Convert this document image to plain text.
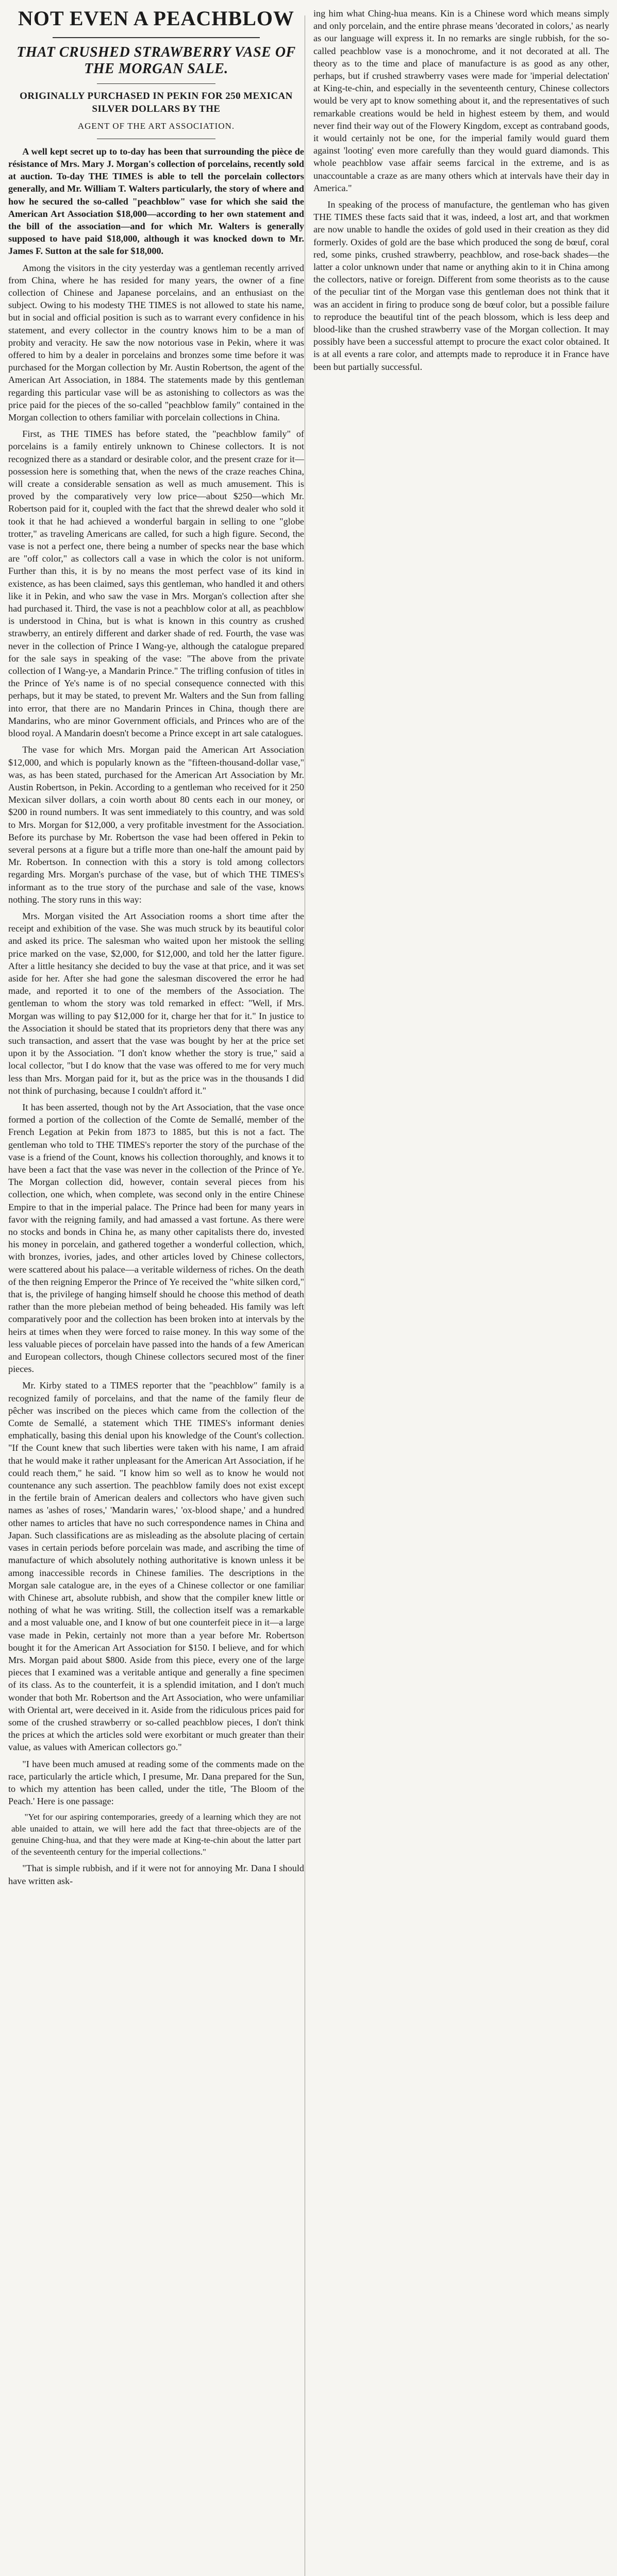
NOT EVEN A PEACHBLOW
THAT CRUSHED STRAWBERRY VASE OF THE MORGAN SALE.
ORIGINALLY PURCHASED IN PEKIN FOR 250 MEXICAN SILVER DOLLARS BY THE
AGENT OF THE ART ASSOCIATION.

A well kept secret up to to-day has been that surrounding the pièce de résistance of Mrs. Mary J. Morgan's collection of porcelains, recently sold at auction. To-day THE TIMES is able to tell the porcelain collectors generally, and Mr. William T. Walters particularly, the story of where and how he secured the so-called "peachblow" vase for which she said the American Art Association $18,000—according to her own statement and the bill of the association—and for which Mr. Walters is generally supposed to have paid $18,000, although it was knocked down to Mr. James F. Sutton at the sale for $18,000.

Among the visitors in the city yesterday was a gentleman recently arrived from China, where he has resided for many years, the owner of a fine collection of Chinese and Japanese porcelains, and an enthusiast on the subject. Owing to his modesty THE TIMES is not allowed to state his name, but in social and official position is such as to warrant every confidence in his statement, and every collector in the country knows him to be a man of probity and veracity. He saw the now notorious vase in Pekin, where it was offered to him by a dealer in porcelains and bronzes some time before it was purchased for the Morgan collection by Mr. Austin Robertson, the agent of the American Art Association, in 1884. The statements made by this gentleman regarding this particular vase will be as astonishing to collectors as was the price paid for the pieces of the so-called "peachblow family" contained in the Morgan collection to others familiar with porcelain collections in China.

First, as THE TIMES has before stated, the "peachblow family" of porcelains is a family entirely unknown to Chinese collectors. It is not recognized there as a standard or desirable color, and the present craze for it—possession here is something that, when the news of the craze reaches China, will create a considerable sensation as well as much amusement. This is proved by the comparatively very low price—about $250—which Mr. Robertson paid for it, coupled with the fact that the shrewd dealer who sold it took it that he had achieved a wonderful bargain in selling to one "globe trotter," as traveling Americans are called, for such a high figure. Second, the vase is not a perfect one, there being a number of specks near the base which are "off color," as collectors call a vase in which the color is not uniform. Further than this, it is by no means the most perfect vase of its kind in existence, as has been claimed, says this gentleman, who handled it and others like it in Pekin, and who saw the vase in Mrs. Morgan's collection after she had purchased it. Third, the vase is not a peachblow color at all, as peachblow is understood in China, but is what is known in this country as crushed strawberry, an entirely different and darker shade of red. Fourth, the vase was never in the collection of Prince I Wang-ye, although the catalogue prepared for the sale says in speaking of the vase: "The above from the private collection of I Wang-ye, a Mandarin Prince." The trifling confusion of titles in the Prince of Ye's name is of no special consequence connected with this perhaps, but it may be stated, to prevent Mr. Walters and the Sun from falling into error, that there are no Mandarin Princes in China, though there are Mandarins, who are minor Government officials, and Princes who are of the blood royal. A Mandarin doesn't become a Prince except in art sale catalogues.

The vase for which Mrs. Morgan paid the American Art Association $12,000, and which is popularly known as the "fifteen-thousand-dollar vase," was, as has been stated, purchased for the American Art Association by Mr. Austin Robertson, in Pekin. According to a gentleman who received for it 250 Mexican silver dollars, a coin worth about 80 cents each in our money, or $200 in round numbers. It was sent immediately to this country, and was sold to Mrs. Morgan for $12,000, a very profitable investment for the Association. Before its purchase by Mr. Robertson the vase had been offered in Pekin to several persons at a figure but a trifle more than one-half the amount paid by Mr. Robertson. In connection with this a story is told among collectors regarding Mrs. Morgan's purchase of the vase, but of which THE TIMES's informant as to the true story of the purchase and sale of the vase, knows nothing. The story runs in this way:

Mrs. Morgan visited the Art Association rooms a short time after the receipt and exhibition of the vase. She was much struck by its beautiful color and asked its price. The salesman who waited upon her mistook the selling price marked on the vase, $2,000, for $12,000, and told her the latter figure. After a little hesitancy she decided to buy the vase at that price, and it was set aside for her. After she had gone the salesman discovered the error he had made, and reported it to one of the members of the Association. The gentleman to whom the story was told remarked in effect: "Well, if Mrs. Morgan was willing to pay $12,000 for it, charge her that for it." In justice to the Association it should be stated that its proprietors deny that there was any such transaction, and assert that the vase was bought by her at the price set upon it by the Association. "I don't know whether the story is true," said a local collector, "but I do know that the vase was offered to me for very much less than Mrs. Morgan paid for it, but as the price was in the thousands I did not think of purchasing, because I couldn't afford it."

It has been asserted, though not by the Art Association, that the vase once formed a portion of the collection of the Comte de Semallé, member of the French Legation at Pekin from 1873 to 1885, but this is not a fact. The gentleman who told to THE TIMES's reporter the story of the purchase of the vase is a friend of the Count, knows his collection thoroughly, and knows it to have been a fact that the vase was never in the collection of the Prince of Ye. The Morgan collection did, however, contain several pieces from his collection, one which, when complete, was second only in the entire Chinese Empire to that in the imperial palace. The Prince had been for many years in favor with the reigning family, and had amassed a vast fortune. As there were no stocks and bonds in China he, as many other capitalists there do, invested his money in porcelain, and gathered together a wonderful collection, which, with bronzes, ivories, jades, and other articles loved by Chinese collectors, were scattered about his palace—a veritable wilderness of riches. On the death of the then reigning Emperor the Prince of Ye received the "white silken cord," that is, the privilege of hanging himself should he choose this method of death rather than the more plebeian method of being beheaded. His family was left comparatively poor and the collection has been broken into at intervals by the heirs at times when they were forced to raise money. In this way some of the less valuable pieces of porcelain have passed into the hands of a few American and European collectors, though Chinese collectors secured most of the finer pieces.

Mr. Kirby stated to a TIMES reporter that the "peachblow" family is a recognized family of porcelains, and that the name of the family fleur de pêcher was inscribed on the pieces which came from the collection of the Comte de Semallé, a statement which THE TIMES's informant denies emphatically, basing this denial upon his knowledge of the Count's collection. "If the Count knew that such liberties were taken with his name, I am afraid that he would make it rather unpleasant for the American Art Association, if he could reach them," he said. "I know him so well as to know he would not countenance any such assertion. The peachblow family does not exist except in the fertile brain of American dealers and collectors who have given such names as 'ashes of roses,' 'Mandarin wares,' 'ox-blood shape,' and a hundred other names to articles that have no such correspondence names in China and Japan. Such classifications are as misleading as the absolute placing of certain vases in certain periods before porcelain was made, and ascribing the time of manufacture of which absolutely nothing authoritative is known unless it be among inaccessible records in Chinese families. The descriptions in the Morgan sale catalogue are, in the eyes of a Chinese collector or one familiar with Chinese art, absolute rubbish, and show that the compiler knew little or nothing of what he was writing. Still, the collection itself was a remarkable and a most valuable one, and I know of but one counterfeit piece in it—a large vase made in Pekin, certainly not more than a year before Mr. Robertson bought it for the American Art Association for $150. I believe, and for which Mrs. Morgan paid about $800. Aside from this piece, every one of the large pieces that I examined was a veritable antique and generally a fine specimen of its class. As to the counterfeit, it is a splendid imitation, and I don't much wonder that both Mr. Robertson and the Art Association, who were unfamiliar with Oriental art, were deceived in it. Aside from the ridiculous prices paid for some of the crushed strawberry or so-called peachblow pieces, I don't think the prices at which the articles sold were exorbitant or much greater than their value, as values with American collectors go."

"I have been much amused at reading some of the comments made on the race, particularly the article which, I presume, Mr. Dana prepared for the Sun, to which my attention has been called, under the title, 'The Bloom of the Peach.' Here is one passage:

"Yet for our aspiring contemporaries, greedy of a learning which they are not able unaided to attain, we will here add the fact that three-objects are of the genuine Ching-hua, and that they were made at King-te-chin about the latter part of the seventeenth century for the imperial collections."

"That is simple rubbish, and if it were not for annoying Mr. Dana I should have written ask-

ing him what Ching-hua means. Kin is a Chinese word which means simply and only porcelain, and the entire phrase means 'decorated in colors,' as nearly as our language will express it. In no remarks are single rubbish, for the so-called peachblow vase is a monochrome, and it not decorated at all. The theory as to the time and place of manufacture is as good as any other, perhaps, but if crushed strawberry vases were made for 'imperial delectation' at King-te-chin, and especially in the seventeenth century, Chinese collectors would be very apt to know something about it, and the representatives of such remarkable creations would be held in highest esteem by them, and would never find their way out of the Flowery Kingdom, except as contraband goods, it would certainly not be one, for the imperial family would guard them against 'looting' even more carefully than they would guard diamonds. This whole peachblow vase affair seems farcical in the extreme, and is as unaccountable a craze as are many others which at intervals have their day in America."

In speaking of the process of manufacture, the gentleman who has given THE TIMES these facts said that it was, indeed, a lost art, and that workmen are now unable to handle the oxides of gold used in their creation as they did formerly. Oxides of gold are the base which produced the song de bœuf, coral red, some pinks, crushed strawberry, peachblow, and rose-back shades—the latter a color unknown under that name or anything akin to it in China among the collectors, native or foreign. Different from some theorists as to the cause of the peculiar tint of the Morgan vase this gentleman does not think that it was an accident in firing to produce song de bœuf color, but a possible failure to reproduce the beautiful tint of the peach blossom, which is less deep and blood-like than the crushed strawberry vase of the Morgan collection. It may possibly have been a successful attempt to procure the exact color obtained. It is at all events a rare color, and attempts made to reproduce it in France have been but partially successful.
